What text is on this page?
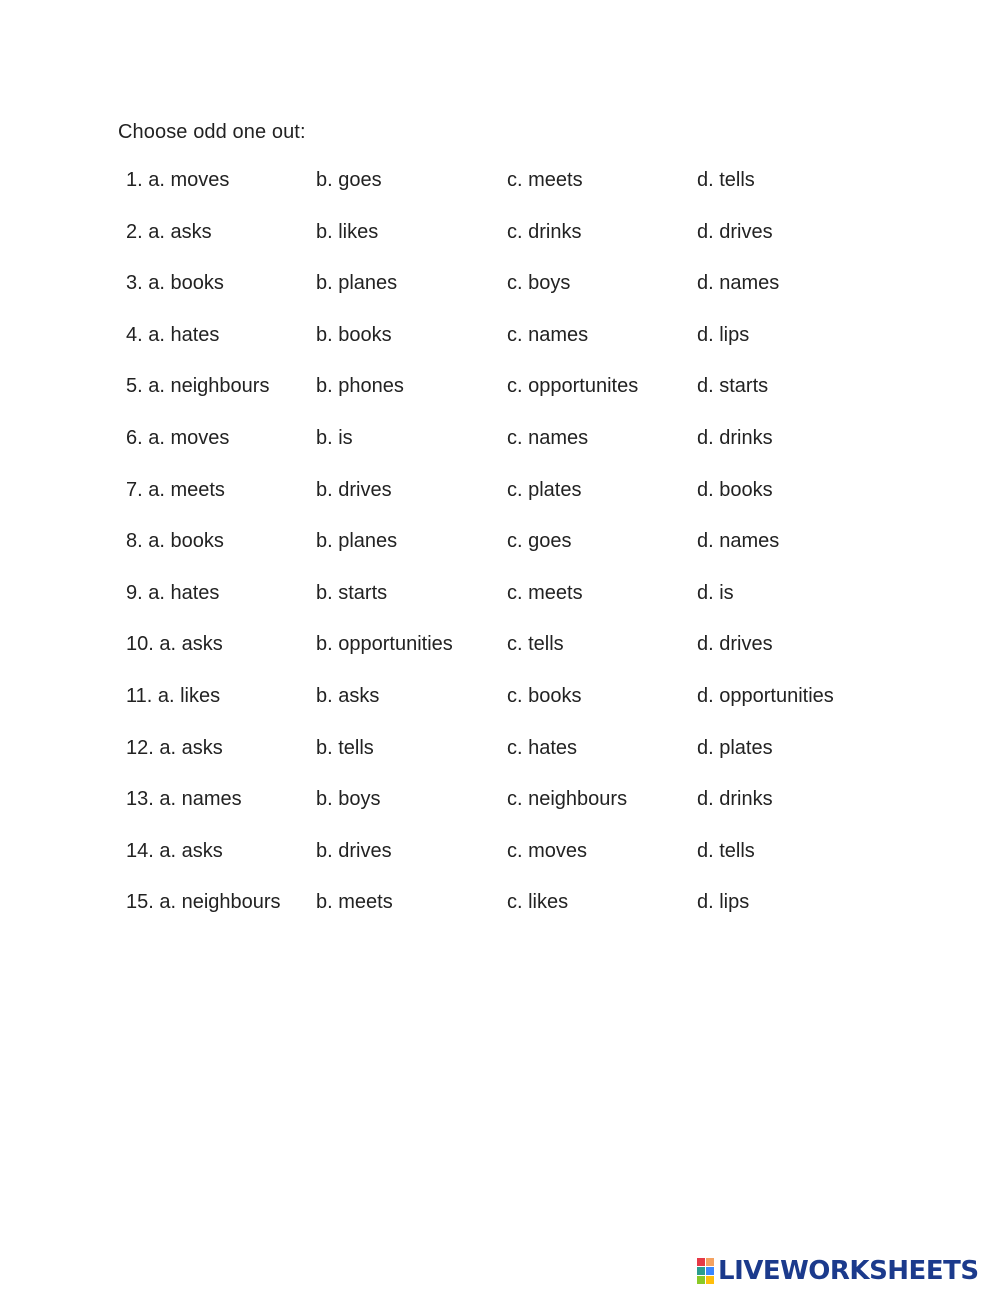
Choose odd one out:
1. a. moves	b. goes	c. meets	d. tells
2. a. asks	b. likes	c. drinks	d. drives
3. a. books	b. planes	c. boys	d. names
4. a. hates	b. books	c. names	d. lips
5. a. neighbours b. phones	c. opportunites	d. starts
6. a. moves	b. is	c. names	d. drinks
7. a. meets	b. drives	c. plates	d. books
8. a. books	b. planes	c. goes	d. names
9. a. hates	b. starts	c. meets	d. is
10. a. asks	b. opportunities	c. tells	d. drives
11. a. likes	b. asks	c. books	d. opportunities
12. a. asks	b. tells	c. hates	d. plates
13. a. names	b. boys	c. neighbours	d. drinks
14. a. asks	b. drives	c. moves	d. tells
15. a. neighbours b. meets	c. likes	d. lips
LIVEWORKSHEETS
